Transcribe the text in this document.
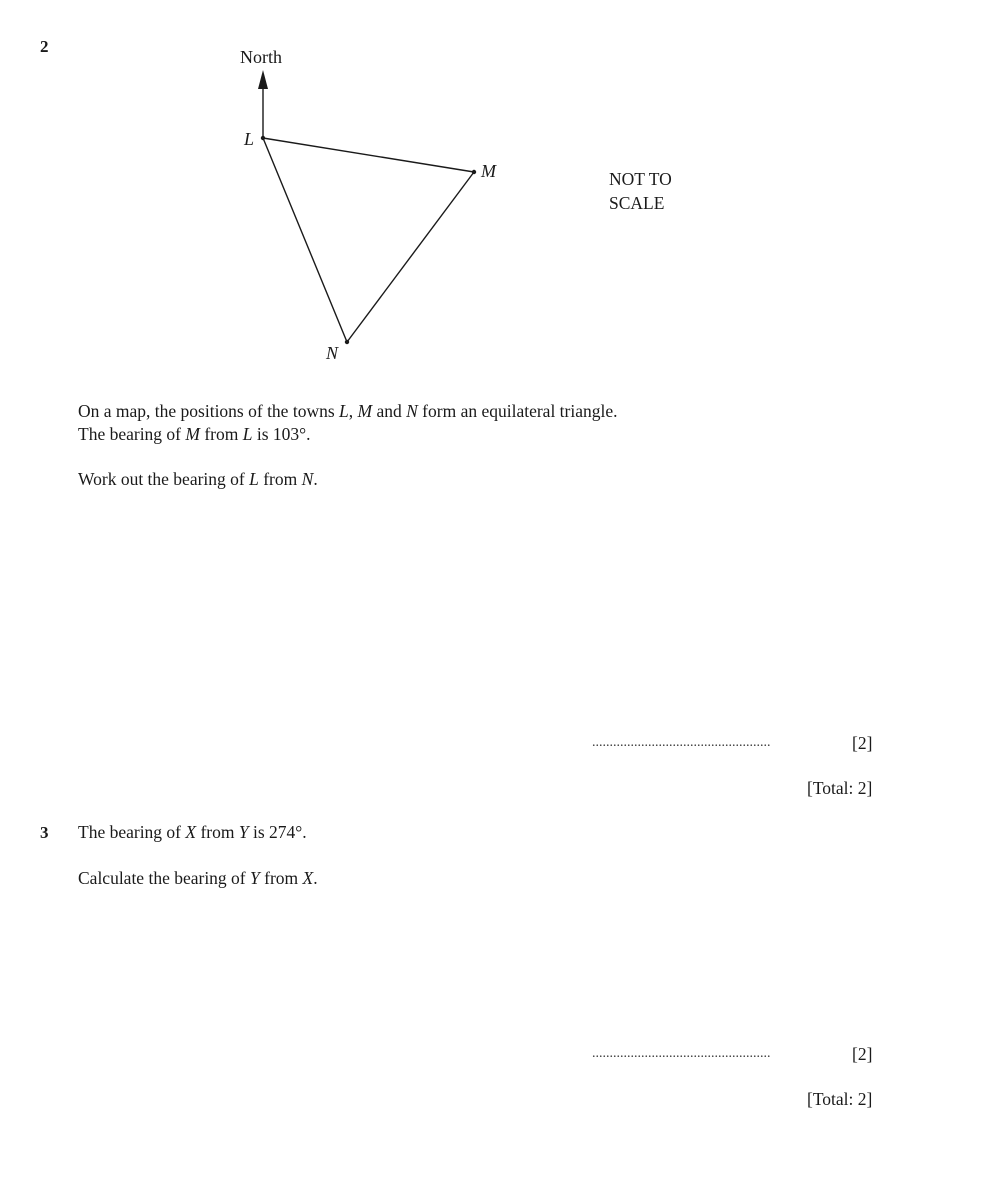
2
North
L
M
N
NOT TO
SCALE
On a map, the positions of the towns L, M and N form an equilateral triangle.
The bearing of M from L is 103°.
Work out the bearing of L from N.
...................................................	[2]
[Total: 2]
3 The bearing of X from Y is 274°.
Calculate the bearing of Y from X.
...................................................	[2]
[Total: 2]
